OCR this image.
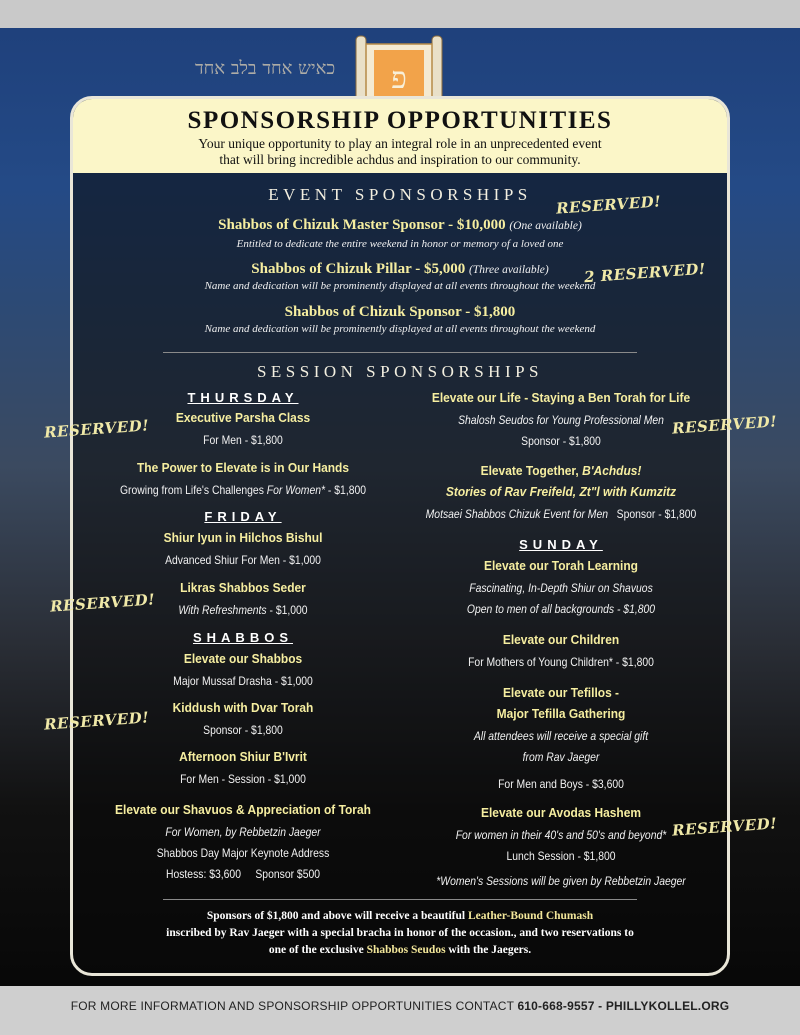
כאיש אחד בלב אחד פ
SPONSORSHIP OPPORTUNITIES
Your unique opportunity to play an integral role in an unprecedented event
that will bring incredible achdus and inspiration to our community.
EVENT SPONSORSHIPS
Shabbos of Chizuk Master Sponsor - $10,000 (One available)
Entitled to dedicate the entire weekend in honor or memory of a loved one
Shabbos of Chizuk Pillar - $5,000 (Three available)
Name and dedication will be prominently displayed at all events throughout the weekend
Shabbos of Chizuk Sponsor - $1,800
Name and dedication will be prominently displayed at all events throughout the weekend
SESSION SPONSORSHIPS
THURSDAY
Executive Parsha Class
For Men - $1,800
The Power to Elevate is in Our Hands
Growing from Life's Challenges For Women* - $1,800
FRIDAY
Shiur Iyun in Hilchos Bishul
Advanced Shiur For Men - $1,000
Likras Shabbos Seder
With Refreshments - $1,000
SHABBOS
Elevate our Shabbos
Major Mussaf Drasha - $1,000
Kiddush with Dvar Torah
Sponsor - $1,800
Afternoon Shiur B'Ivrit
For Men - Session - $1,000
Elevate our Shavuos & Appreciation of Torah
For Women, by Rebbetzin Jaeger
Shabbos Day Major Keynote Address
Hostess: $3,600     Sponsor $500
Elevate our Life - Staying a Ben Torah for Life
Shalosh Seudos for Young Professional Men
Sponsor - $1,800
Elevate Together, B'Achdus!
Stories of Rav Freifeld, Zt"l with Kumzitz
Motsaei Shabbos Chizuk Event for Men Sponsor - $1,800
SUNDAY
Elevate our Torah Learning
Fascinating, In-Depth Shiur on Shavuos
Open to men of all backgrounds - $1,800
Elevate our Children
For Mothers of Young Children* - $1,800
Elevate our Tefillos -
Major Tefilla Gathering
All attendees will receive a special gift
from Rav Jaeger
For Men and Boys - $3,600
Elevate our Avodas Hashem
For women in their 40's and 50's and beyond*
Lunch Session - $1,800
*Women's Sessions will be given by Rebbetzin Jaeger
Sponsors of $1,800 and above will receive a beautiful Leather-Bound Chumash
inscribed by Rav Jaeger with a special bracha in honor of the occasion., and two reservations to
one of the exclusive Shabbos Seudos with the Jaegers.
RESERVED!
2 RESERVED!
RESERVED!	RESERVED!
RESERVED!
RESERVED!
RESERVED!
FOR MORE INFORMATION AND SPONSORSHIP OPPORTUNITIES CONTACT 610-668-9557 - PHILLYKOLLEL.ORG
